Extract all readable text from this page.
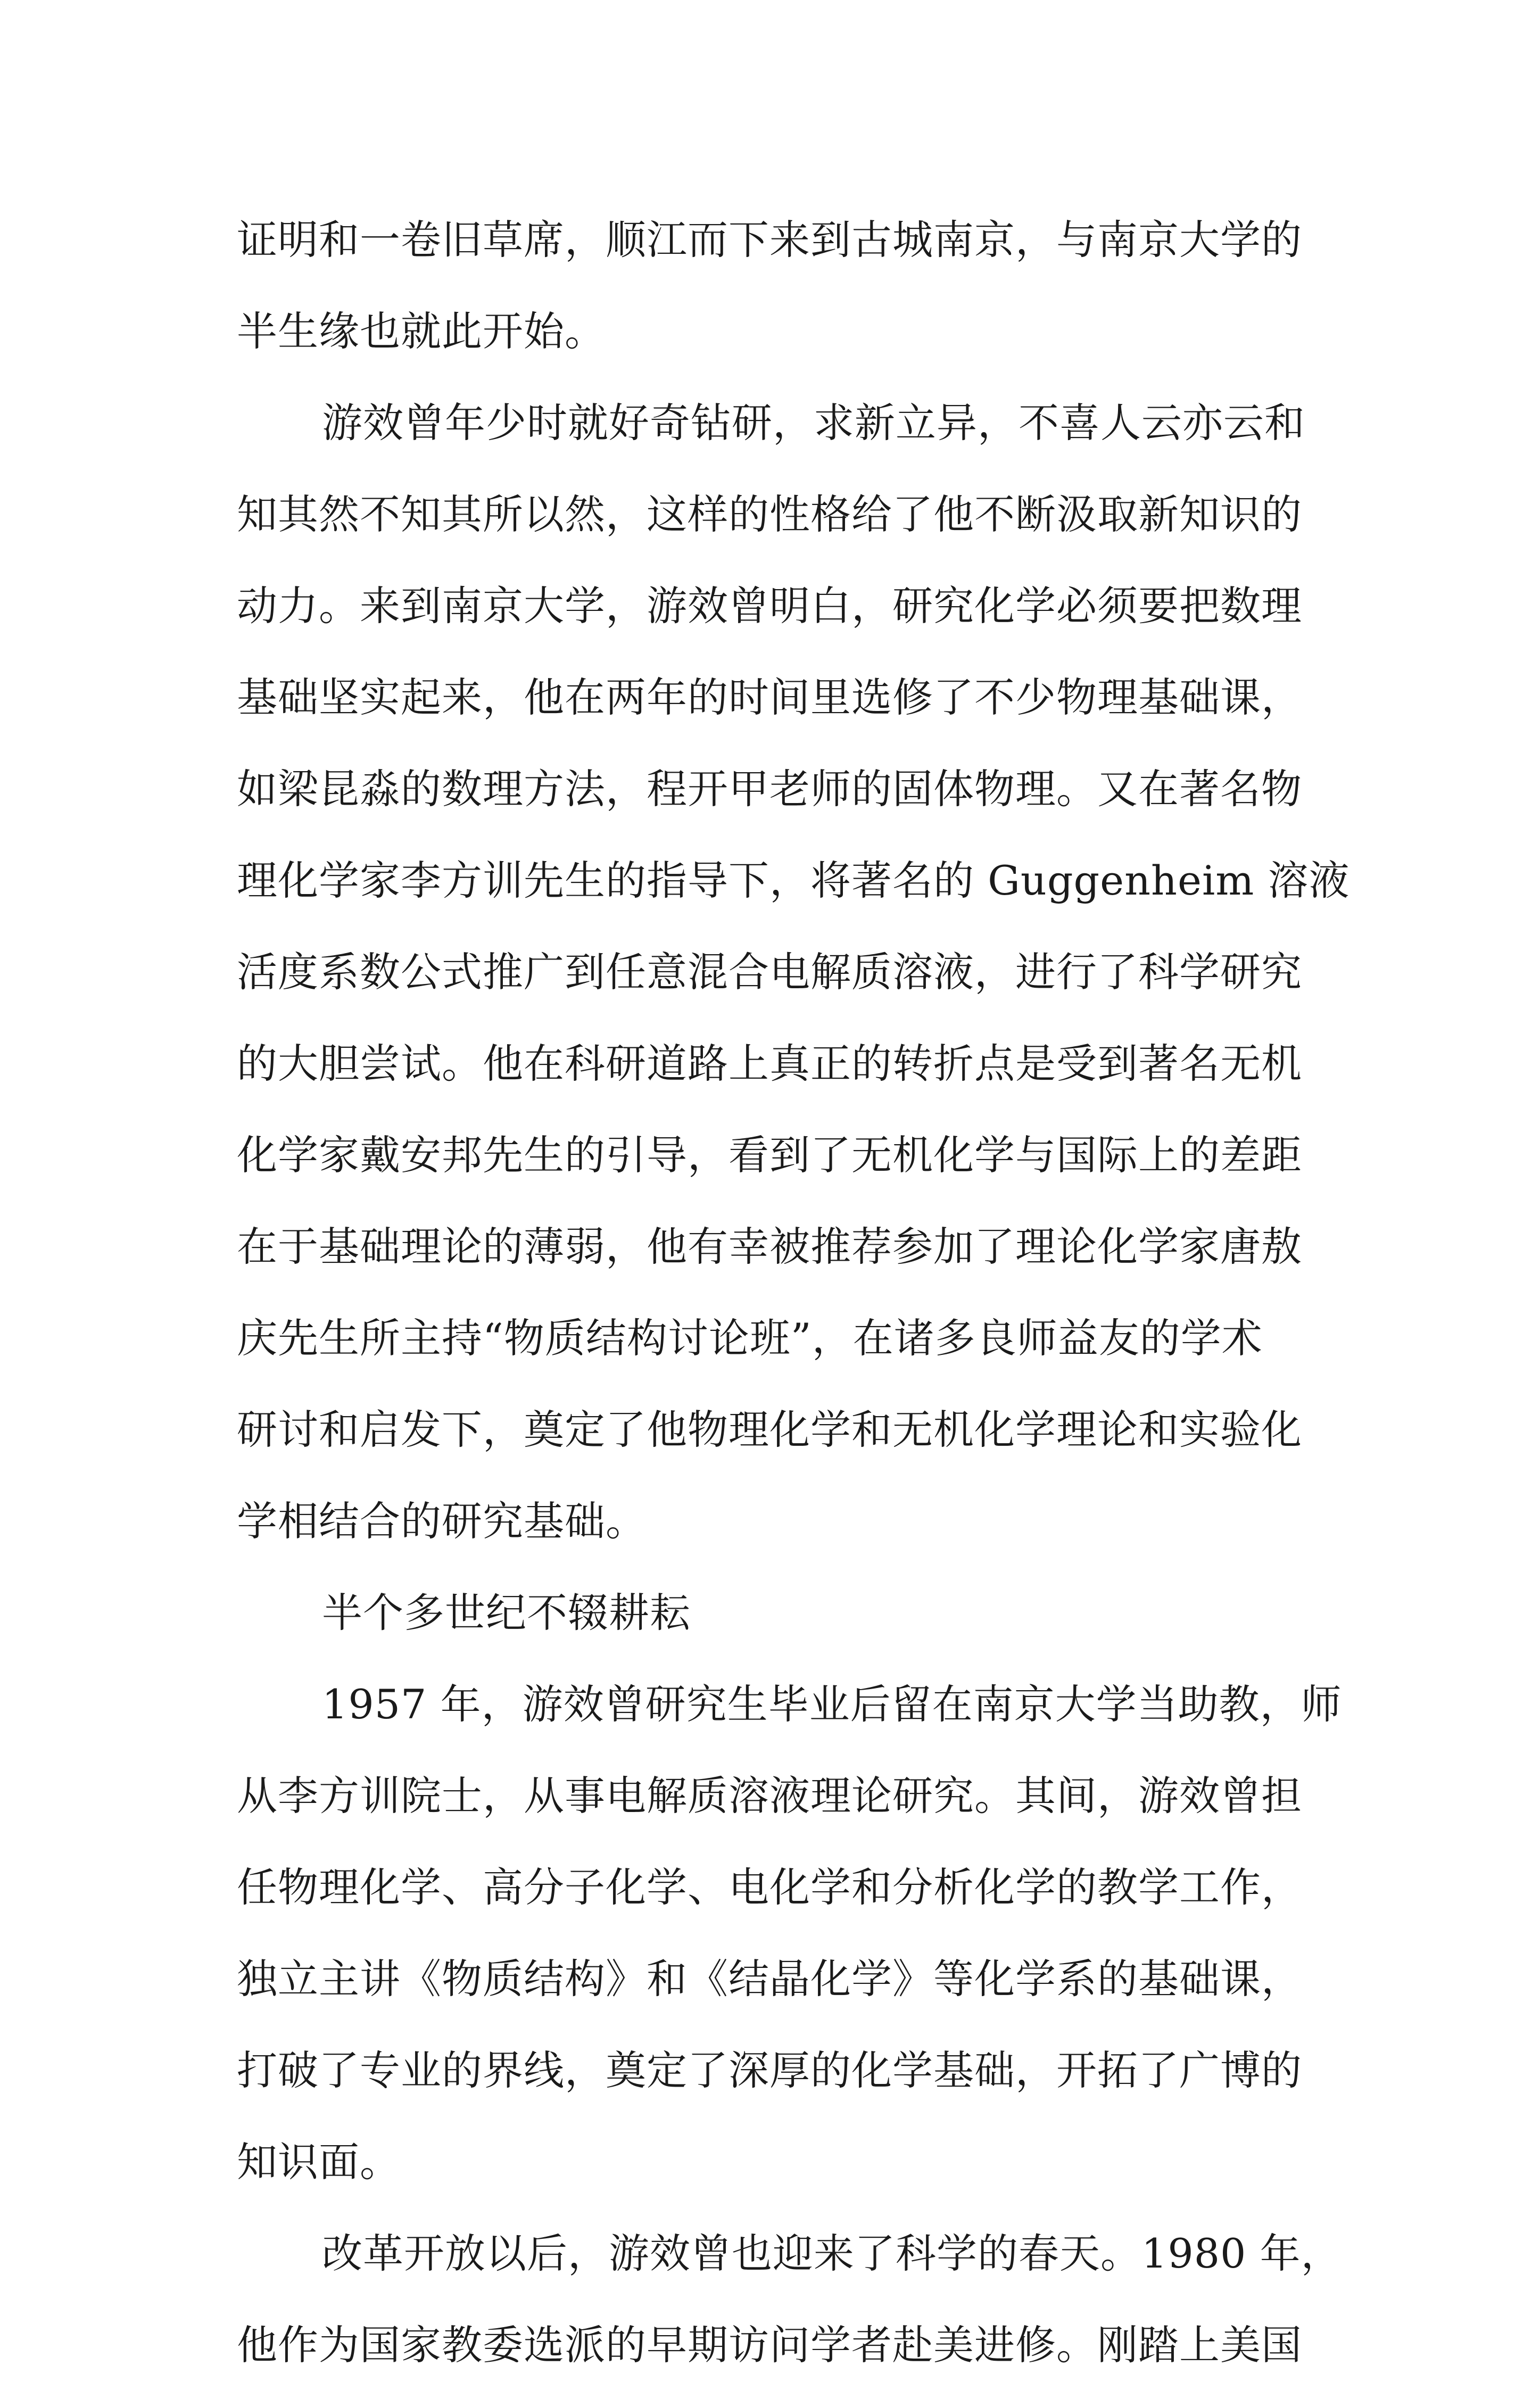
证明和一卷旧草席，顺江而下来到古城南京，与南京大学的
半生缘也就此开始。
游效曾年少时就好奇钻研，求新立异，不喜人云亦云和
知其然不知其所以然，这样的性格给了他不断汲取新知识的
动力。来到南京大学，游效曾明白，研究化学必须要把数理
基础坚实起来，他在两年的时间里选修了不少物理基础课，
如梁昆淼的数理方法，程开甲老师的固体物理。又在著名物
理化学家李方训先生的指导下，将著名的 Guggenheim 溶液
活度系数公式推广到任意混合电解质溶液，进行了科学研究
的大胆尝试。他在科研道路上真正的转折点是受到著名无机
化学家戴安邦先生的引导，看到了无机化学与国际上的差距
在于基础理论的薄弱，他有幸被推荐参加了理论化学家唐敖
庆先生所主持“物质结构讨论班”，在诸多良师益友的学术
研讨和启发下，奠定了他物理化学和无机化学理论和实验化
学相结合的研究基础。
半个多世纪不辍耕耘
1957 年，游效曾研究生毕业后留在南京大学当助教，师
从李方训院士，从事电解质溶液理论研究。其间，游效曾担
任物理化学、高分子化学、电化学和分析化学的教学工作，
独立主讲《物质结构》和《结晶化学》等化学系的基础课，
打破了专业的界线，奠定了深厚的化学基础，开拓了广博的
知识面。
改革开放以后，游效曾也迎来了科学的春天。1980 年，
他作为国家教委选派的早期访问学者赴美进修。刚踏上美国
